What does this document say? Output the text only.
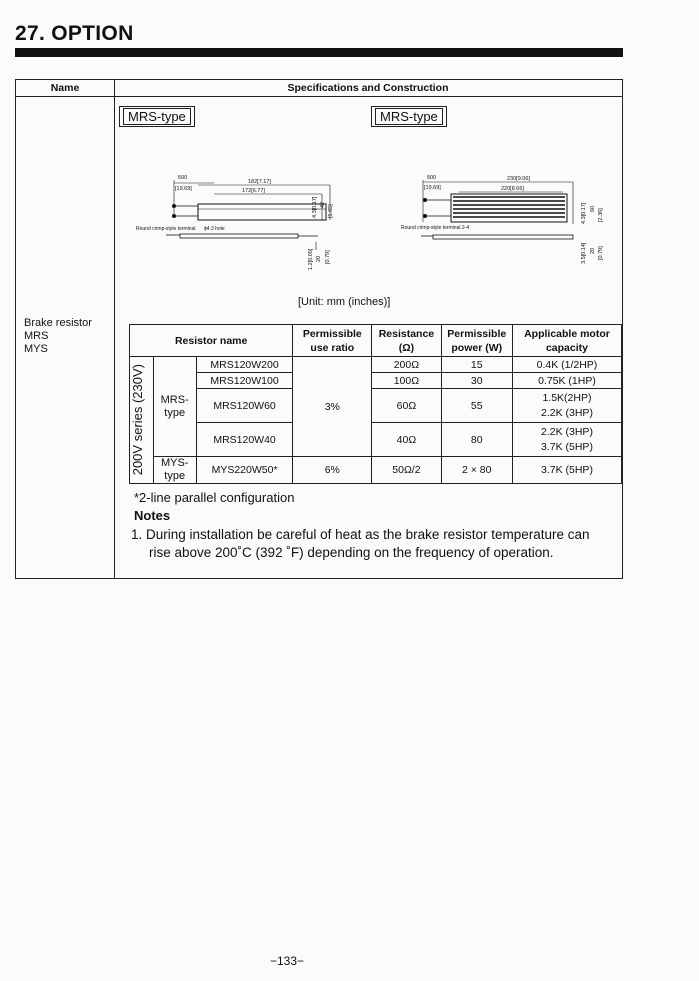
27. OPTION
Name	Specifications and Construction
Brake resistor
MRS
MYS
MRS-type	MRS-type
500
[19.69]
182[7.17]
172[6.77]
Round crimp-style terminal ϕ4.3 hole
4.3[0.17] 42 [1.65]
1.2[0.05] 20 [0.79]
500
[19.69]
230[9.06]
220[8.66]
Round crimp-style terminal 2-4
4.3[0.17] 60 [2.36]
3.5[0.14] 20 [0.79]
[Unit: mm (inches)]
Resistor name			Permissible use ratio	Resistance (Ω)	Permissible power (W)	Applicable motor capacity

200V series (230V)	MRS-type	MRS120W200	3%	200Ω	15	0.4K (1/2HP)
		MRS120W100		100Ω	30	0.75K (1HP)
		MRS120W60		60Ω	55	1.5K(2HP)
2.2K (3HP)

		MRS120W40		40Ω	80	2.2K (3HP)
3.7K (5HP)

	MYS-type	MYS220W50*	6%	50Ω/2	2 × 80	3.7K (5HP)
*2-line parallel configuration
Notes
1. During installation be careful of heat as the brake resistor temperature can
rise above 200˚C (392 ˚F) depending on the frequency of operation.
−133−
